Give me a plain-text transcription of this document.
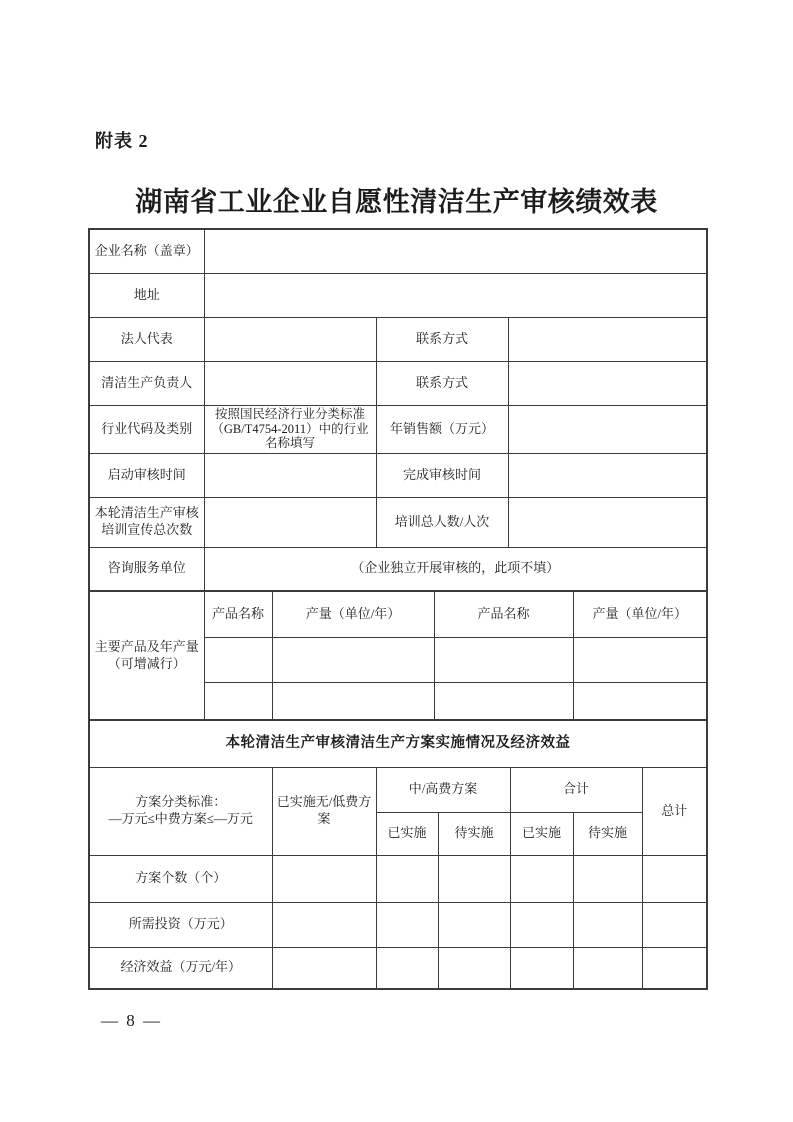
附表 2
湖南省工业企业自愿性清洁生产审核绩效表
企业名称（盖章）			
地址			
法人代表		联系方式	
清洁生产负责人		联系方式	
行业代码及类别	按照国民经济行业分类标准（GB/T4754-2011）中的行业名称填写	年销售额（万元）	
启动审核时间		完成审核时间	
本轮清洁生产审核培训宣传总次数		培训总人数/人次	
咨询服务单位	（企业独立开展审核的，此项不填）		
主要产品及年产量（可增减行）	产品名称	产量（单位/年）	产品名称	产量（单位/年）

本轮清洁生产审核清洁生产方案实施情况及经济效益						
方案分类标准：
—万元≤中费方案≤—万元	已实施无/低费方案	中/高费方案		合计		总计
		已实施	待实施	已实施	待实施	
方案个数（个）						
所需投资（万元）						
经济效益（万元/年）						
— 8 —
